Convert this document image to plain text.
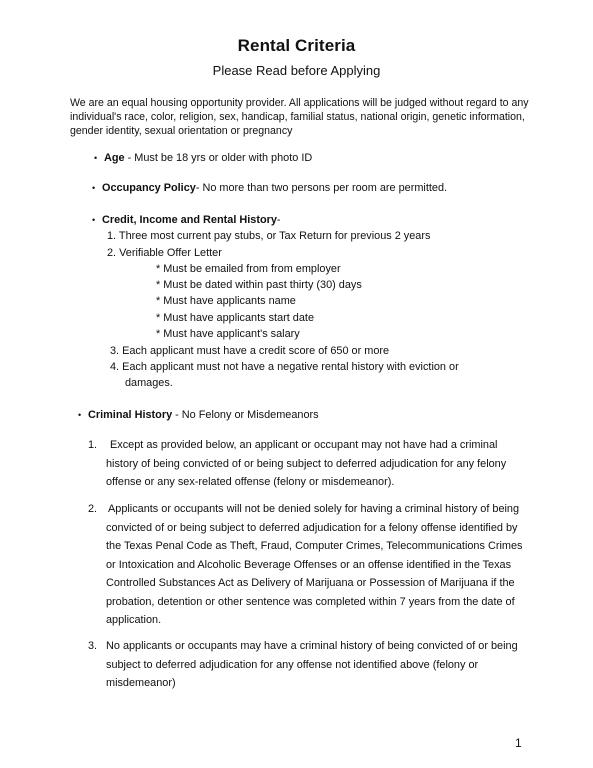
Rental Criteria
Please Read before Applying
We are an equal housing opportunity provider. All applications will be judged without regard to any individual's race, color, religion, sex, handicap, familial status, national origin, genetic information, gender identity, sexual orientation or pregnancy
• Age - Must be 18 yrs or older with photo ID
• Occupancy Policy- No more than two persons per room are permitted.
• Credit, Income and Rental History-
1. Three most current pay stubs, or Tax Return for previous 2 years
2. Verifiable Offer Letter
* Must be emailed from from employer
* Must be dated within past thirty (30) days
* Must have applicants name
* Must have applicants start date
* Must have applicant's salary
3. Each applicant must have a credit score of 650 or more
4. Each applicant must not have a negative rental history with eviction or
damages.
• Criminal History - No Felony or Misdemeanors
1.	Except as provided below, an applicant or occupant may not have had a criminal history of being convicted of or being subject to deferred adjudication for any felony offense or any sex-related offense (felony or misdemeanor).
2. Applicants or occupants will not be denied solely for having a criminal history of being convicted of or being subject to deferred adjudication for a felony offense identified by the Texas Penal Code as Theft, Fraud, Computer Crimes, Telecommunications Crimes or Intoxication and Alcoholic Beverage Offenses or an offense identified in the Texas Controlled Substances Act as Delivery of Marijuana or Possession of Marijuana if the probation, detention or other sentence was completed within 7 years from the date of application.
3. No applicants or occupants may have a criminal history of being convicted of or being subject to deferred adjudication for any offense not identified above (felony or misdemeanor)
1
